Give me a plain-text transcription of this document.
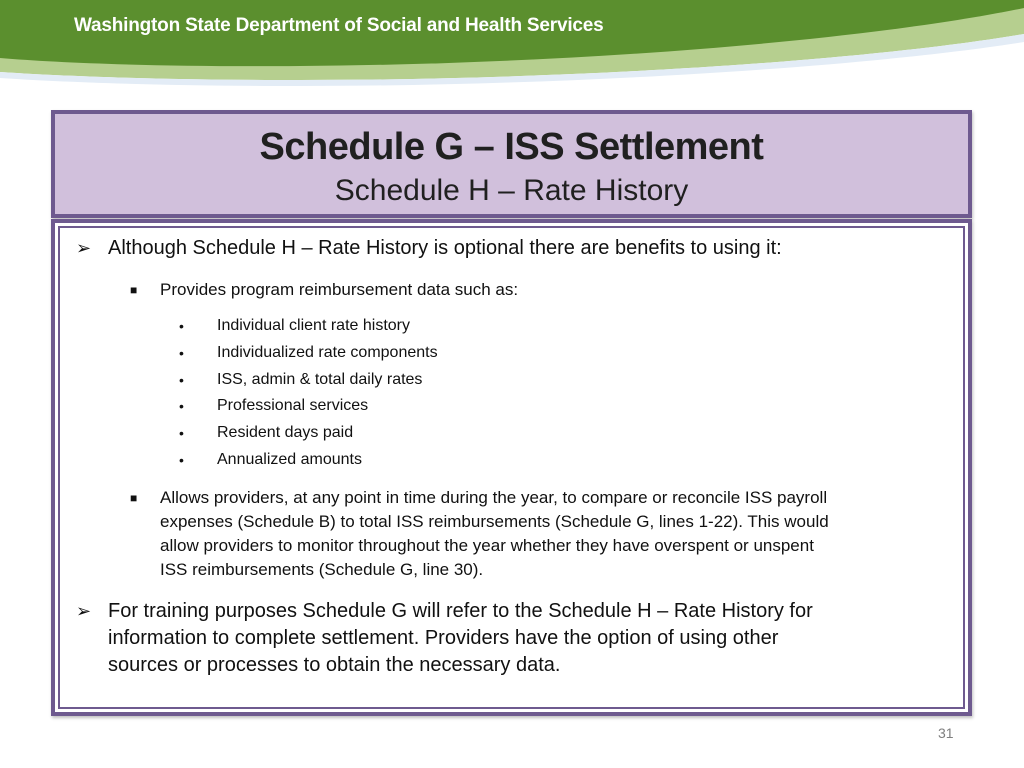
Washington State Department of Social and Health Services
Schedule G – ISS Settlement
Schedule H – Rate History
➢ Although Schedule H – Rate History is optional there are benefits to using it:
■ Provides program reimbursement data such as:
• Individual client rate history
• Individualized rate components
• ISS, admin & total daily rates
• Professional services
• Resident days paid
• Annualized amounts
■ Allows providers, at any point in time during the year, to compare or reconcile ISS payroll
expenses (Schedule B) to total ISS reimbursements (Schedule G, lines 1-22). This would
allow providers to monitor throughout the year whether they have overspent or unspent
ISS reimbursements (Schedule G, line 30).
➢ For training purposes Schedule G will refer to the Schedule H – Rate History for
information to complete settlement. Providers have the option of using other
sources or processes to obtain the necessary data.
31
